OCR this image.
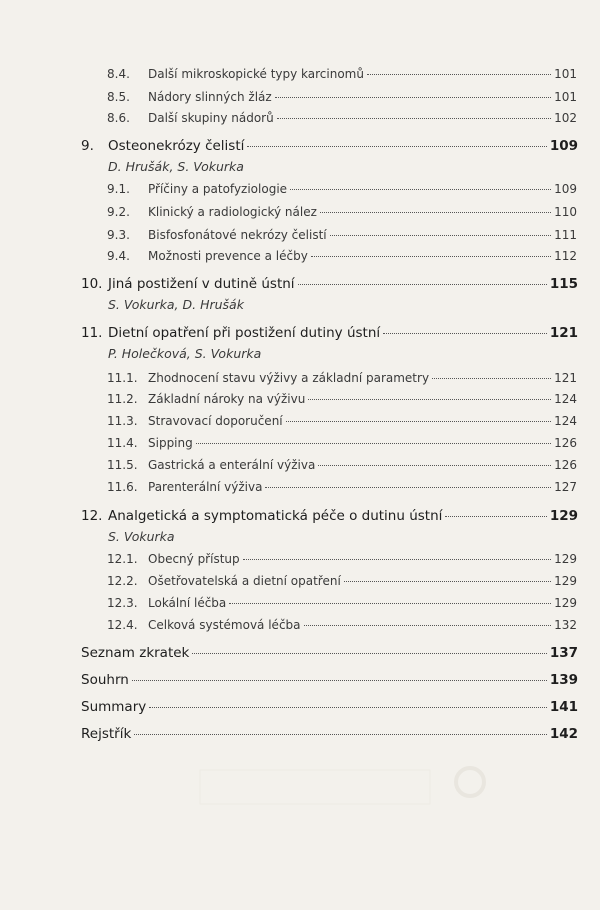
8.4.	Další mikroskopické typy karcinomů	101
8.5.	Nádory slinných žláz	101
8.6.	Další skupiny nádorů	102
9.	Osteonekrózy čelistí	109
D. Hrušák, S. Vokurka
9.1.	Příčiny a patofyziologie	109
9.2.	Klinický a radiologický nález	110
9.3.	Bisfosfonátové nekrózy čelistí	111
9.4.	Možnosti prevence a léčby	112
10. Jiná postižení v dutině ústní	115
S. Vokurka, D. Hrušák
11. Dietní opatření při postižení dutiny ústní	121
P. Holečková, S. Vokurka
11.1. Zhodnocení stavu výživy a základní parametry	121
11.2. Základní nároky na výživu	124
11.3. Stravovací doporučení	124
11.4. Sipping	126
11.5. Gastrická a enterální výživa	126
11.6. Parenterální výživa	127
12. Analgetická a symptomatická péče o dutinu ústní	129
S. Vokurka
12.1. Obecný přístup	129
12.2. Ošetřovatelská a dietní opatření	129
12.3. Lokální léčba	129
12.4. Celková systémová léčba	132
Seznam zkratek	137
Souhrn	139
Summary	141
Rejstřík	142
